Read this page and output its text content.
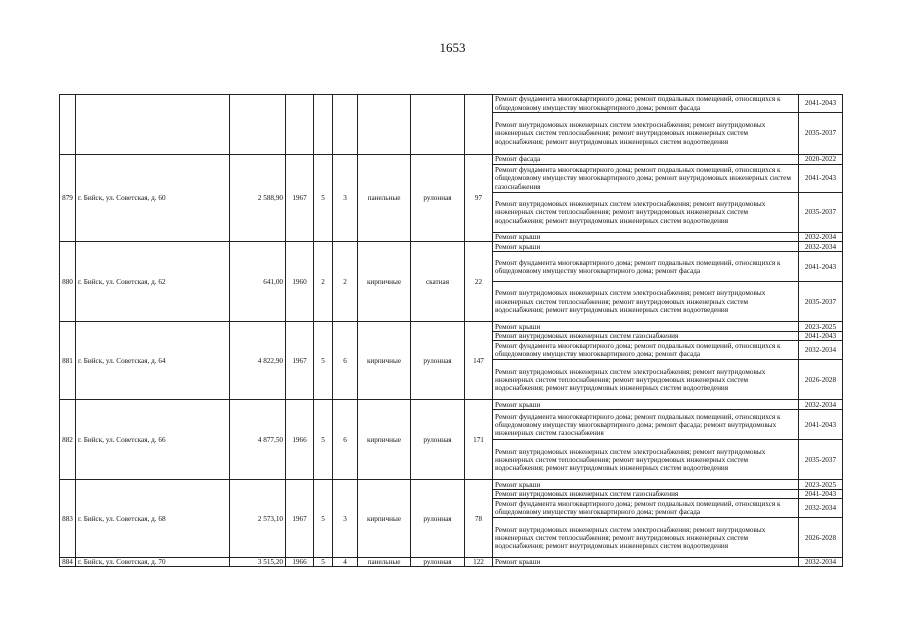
1653
									Ремонт фундамента многоквартирного дома; ремонт подвальных помещений, относящихся к общедомовому имуществу многоквартирного дома; ремонт фасада	2041-2043
									Ремонт внутридомовых инженерных систем электроснабжения; ремонт внутридомовых инженерных систем теплоснабжения; ремонт внутридомовых инженерных систем водоснабжения; ремонт внутридомовых инженерных систем водоотведения	2035-2037
879	г. Бийск, ул. Советская, д. 60	2 588,90	1967	5	3	панельные	рулонная	97	Ремонт фасада	2020-2022
									Ремонт фундамента многоквартирного дома; ремонт подвальных помещений, относящихся к общедомовому имуществу многоквартирного дома; ремонт внутридомовых инженерных систем газоснабжения	2041-2043
									Ремонт внутридомовых инженерных систем электроснабжения; ремонт внутридомовых инженерных систем теплоснабжения; ремонт внутридомовых инженерных систем водоснабжения; ремонт внутридомовых инженерных систем водоотведения	2035-2037
									Ремонт крыши	2032-2034
880	г. Бийск, ул. Советская, д. 62	641,00	1960	2	2	кирпичные	скатная	22	Ремонт крыши	2032-2034
									Ремонт фундамента многоквартирного дома; ремонт подвальных помещений, относящихся к общедомовому имуществу многоквартирного дома; ремонт фасада	2041-2043
									Ремонт внутридомовых инженерных систем электроснабжения; ремонт внутридомовых инженерных систем теплоснабжения; ремонт внутридомовых инженерных систем водоснабжения; ремонт внутридомовых инженерных систем водоотведения	2035-2037
881	г. Бийск, ул. Советская, д. 64	4 822,90	1967	5	6	кирпичные	рулонная	147	Ремонт крыши	2023-2025
									Ремонт внутридомовых инженерных систем газоснабжения	2041-2043
									Ремонт фундамента многоквартирного дома; ремонт подвальных помещений, относящихся к общедомовому имуществу многоквартирного дома; ремонт фасада	2032-2034
									Ремонт внутридомовых инженерных систем электроснабжения; ремонт внутридомовых инженерных систем теплоснабжения; ремонт внутридомовых инженерных систем водоснабжения; ремонт внутридомовых инженерных систем водоотведения	2026-2028
882	г. Бийск, ул. Советская, д. 66	4 877,50	1966	5	6	кирпичные	рулонная	171	Ремонт крыши	2032-2034
									Ремонт фундамента многоквартирного дома; ремонт подвальных помещений, относящихся к общедомовому имуществу многоквартирного дома; ремонт фасада; ремонт внутридомовых инженерных систем газоснабжения	2041-2043
									Ремонт внутридомовых инженерных систем электроснабжения; ремонт внутридомовых инженерных систем теплоснабжения; ремонт внутридомовых инженерных систем водоснабжения; ремонт внутридомовых инженерных систем водоотведения	2035-2037
883	г. Бийск, ул. Советская, д. 68	2 573,10	1967	5	3	кирпичные	рулонная	78	Ремонт крыши	2023-2025
									Ремонт внутридомовых инженерных систем газоснабжения	2041-2043
									Ремонт фундамента многоквартирного дома; ремонт подвальных помещений, относящихся к общедомовому имуществу многоквартирного дома; ремонт фасада	2032-2034
									Ремонт внутридомовых инженерных систем электроснабжения; ремонт внутридомовых инженерных систем теплоснабжения; ремонт внутридомовых инженерных систем водоснабжения; ремонт внутридомовых инженерных систем водоотведения	2026-2028
884	г. Бийск, ул. Советская, д. 70	3 515,20	1966	5	4	панельные	рулонная	122	Ремонт крыши	2032-2034
